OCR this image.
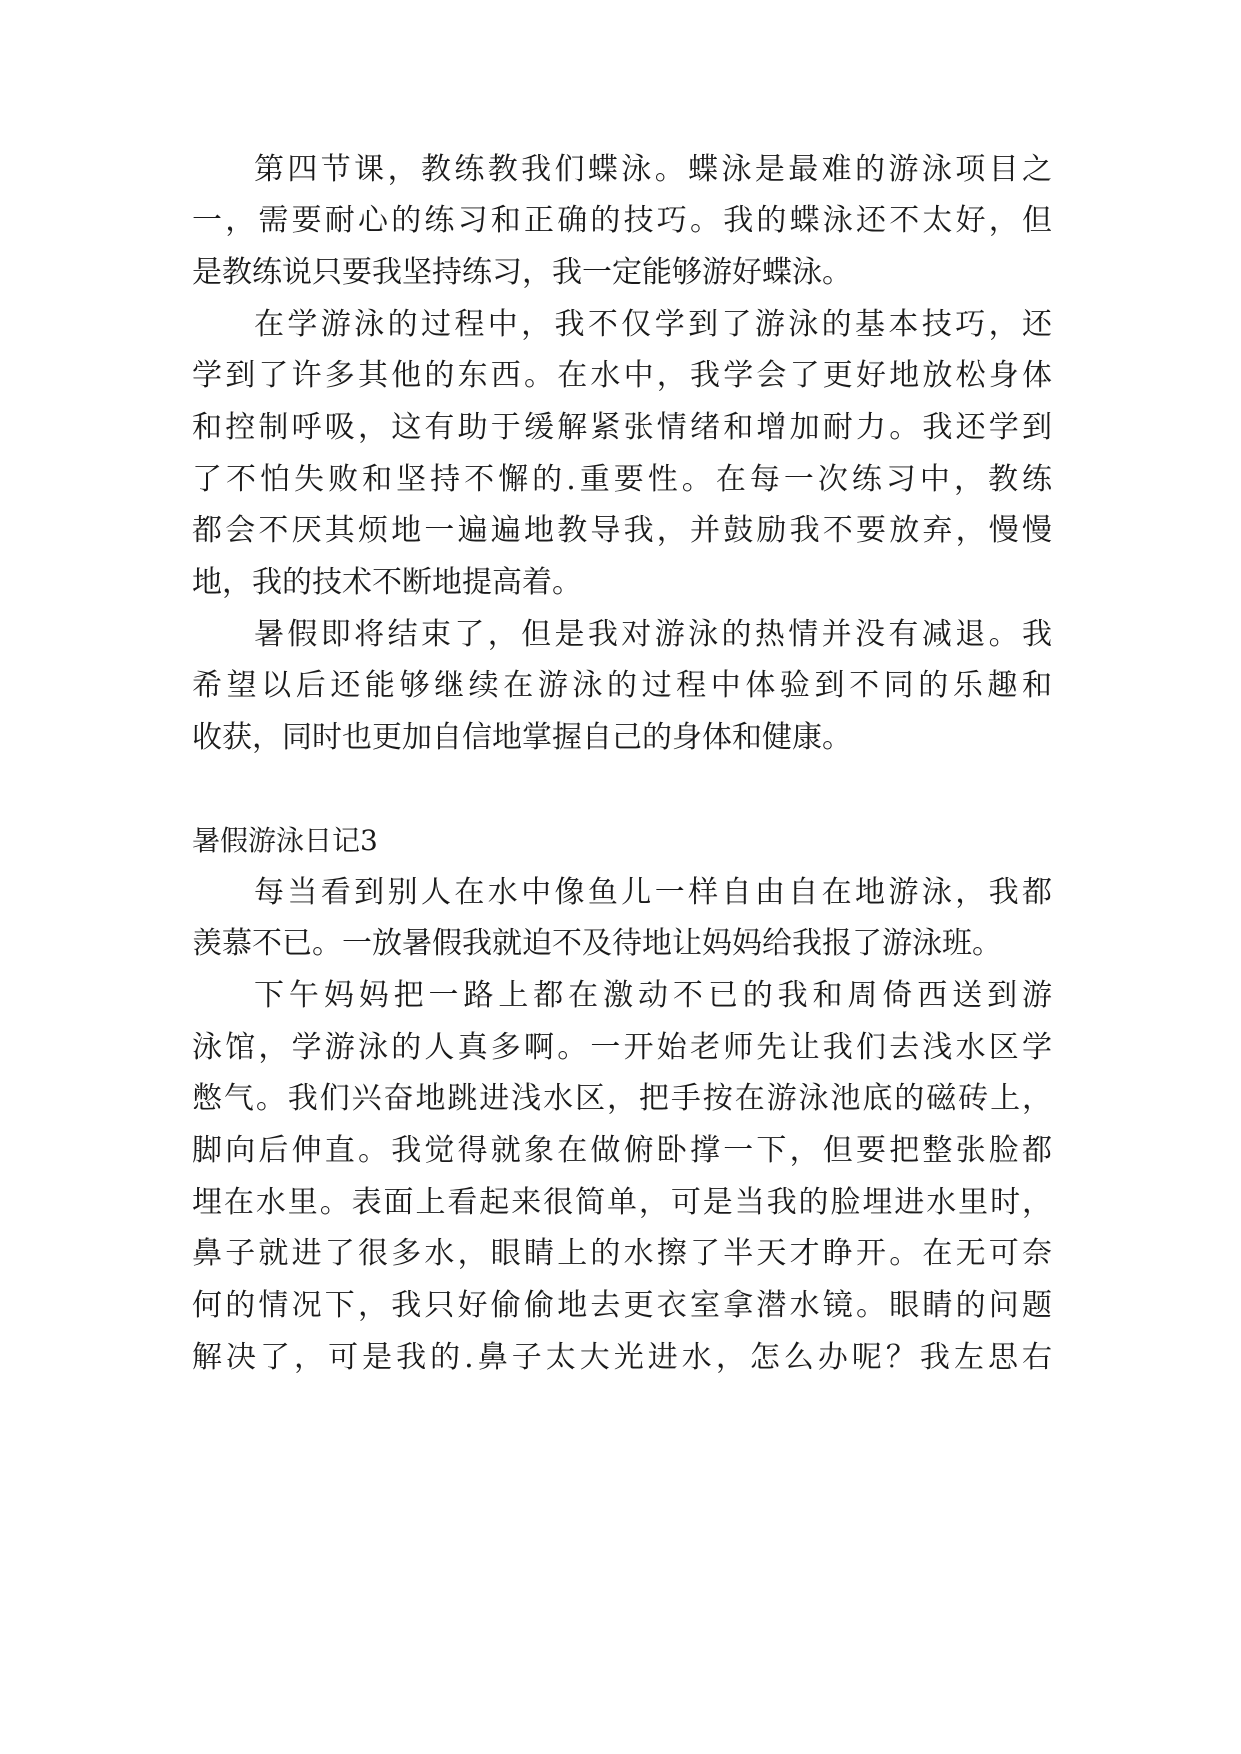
第四节课，教练教我们蝶泳。蝶泳是最难的游泳项目之
一，需要耐心的练习和正确的技巧。我的蝶泳还不太好，但
是教练说只要我坚持练习，我一定能够游好蝶泳。
在学游泳的过程中，我不仅学到了游泳的基本技巧，还
学到了许多其他的东西。在水中，我学会了更好地放松身体
和控制呼吸，这有助于缓解紧张情绪和增加耐力。我还学到
了不怕失败和坚持不懈的.重要性。在每一次练习中，教练
都会不厌其烦地一遍遍地教导我，并鼓励我不要放弃，慢慢
地，我的技术不断地提高着。
暑假即将结束了，但是我对游泳的热情并没有减退。我
希望以后还能够继续在游泳的过程中体验到不同的乐趣和
收获，同时也更加自信地掌握自己的身体和健康。
暑假游泳日记3
每当看到别人在水中像鱼儿一样自由自在地游泳，我都
羡慕不已。一放暑假我就迫不及待地让妈妈给我报了游泳班。
下午妈妈把一路上都在激动不已的我和周倚西送到游
泳馆，学游泳的人真多啊。一开始老师先让我们去浅水区学
憋气。我们兴奋地跳进浅水区，把手按在游泳池底的磁砖上，
脚向后伸直。我觉得就象在做俯卧撑一下，但要把整张脸都
埋在水里。表面上看起来很简单，可是当我的脸埋进水里时，
鼻子就进了很多水，眼睛上的水擦了半天才睁开。在无可奈
何的情况下，我只好偷偷地去更衣室拿潜水镜。眼睛的问题
解决了，可是我的.鼻子太大光进水，怎么办呢？我左思右
